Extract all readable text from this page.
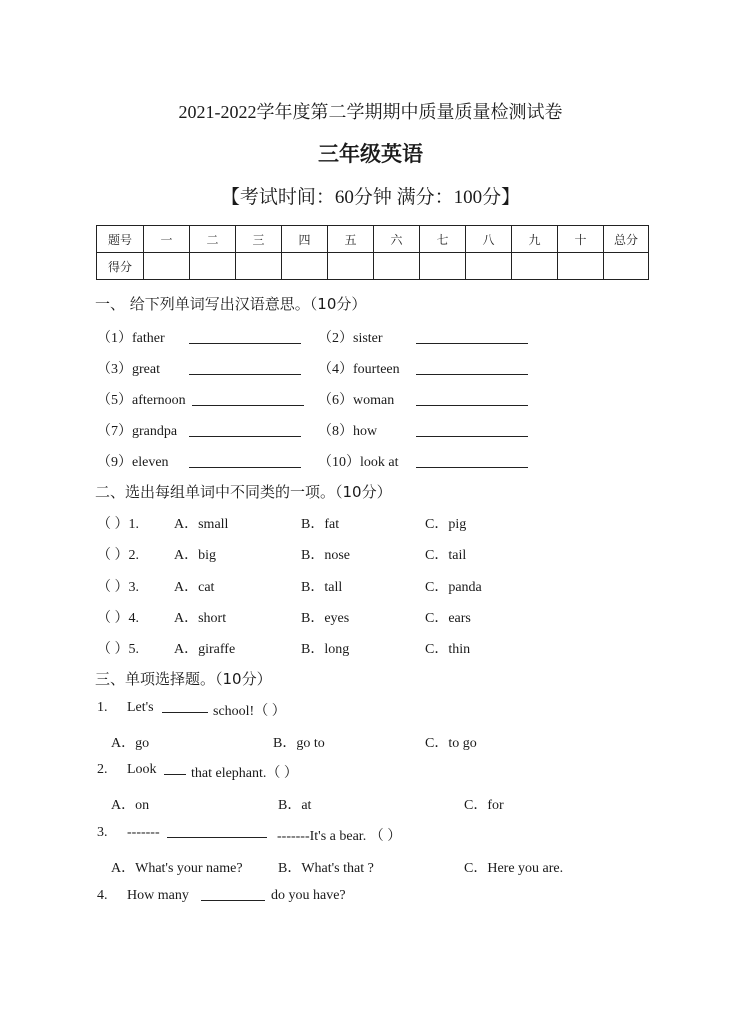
2021-2022学年度第二学期期中质量质量检测试卷
三年级英语
【考试时间：60分钟 满分：100分】
题号	一	二	三	四	五	六	七	八	九	十	总分
得分											
一、 给下列单词写出汉语意思。（10分）
（1）father	（2）sister
（3）great	（4）fourteen
（5）afternoon	（6）woman
（7）grandpa	（8）how
（9）eleven	（10）look at
二、选出每组单词中不同类的一项。（10分）
（ ）1.	A．small	B．fat	C．pig
（ ）2.	A．big	B．nose	C．tail
（ ）3.	A．cat	B．tall	C．panda
（ ）4.	A．short	B．eyes	C．ears
（ ）5.	A．giraffe	B．long	C．thin
三、单项选择题。（10分）
1. Let's	school!（ ）
A．go	B．go to	C．to go
2. Look that elephant.（ ）
A．on	B．at	C．for
3. -------	-------It's a bear. （ ）
A．What's your name?	B．What's that ?	C．Here you are.
4. How many	do you have?
